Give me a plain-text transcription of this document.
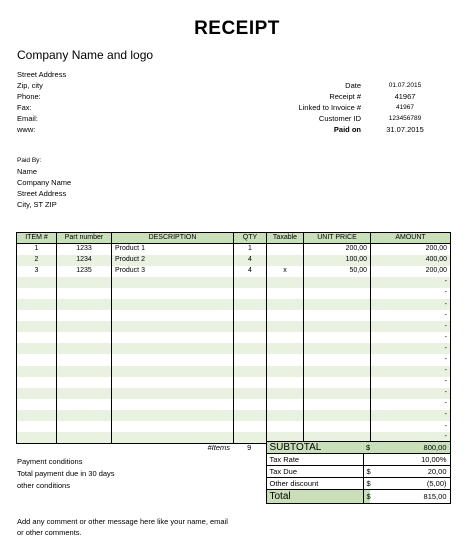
RECEIPT
Company Name and logo
Street Address
Zip, city
Phone:
Fax:
Email:
www:
Date	01.07.2015
Receipt #	41967
Linked to Invoice #	41967
Customer ID	123456789
Paid on	31.07.2015
Paid By:
Name
Company Name
Street Address
City, ST ZIP
ITEM #	Part number	DESCRIPTION	QTY	Taxable	UNIT PRICE	AMOUNT
1	1233	Product 1	1		200,00	200,00
2	1234	Product 2	4		100,00	400,00
3	1235	Product 3	4	x	50,00	200,00
						-
						-
						-
						-
						-
						-
						-
						-
						-
						-
						-
						-
						-
						-
						-
#Items	9	SUBTOTAL	$	800,00
		Tax Rate		10,00%
		Tax Due	$	20,00
		Other discount	$	(5,00)
		Total	$	815,00
Payment conditions
Total payment due in 30 days
other conditions
Add any comment or other message here like your name, email
or other comments.
